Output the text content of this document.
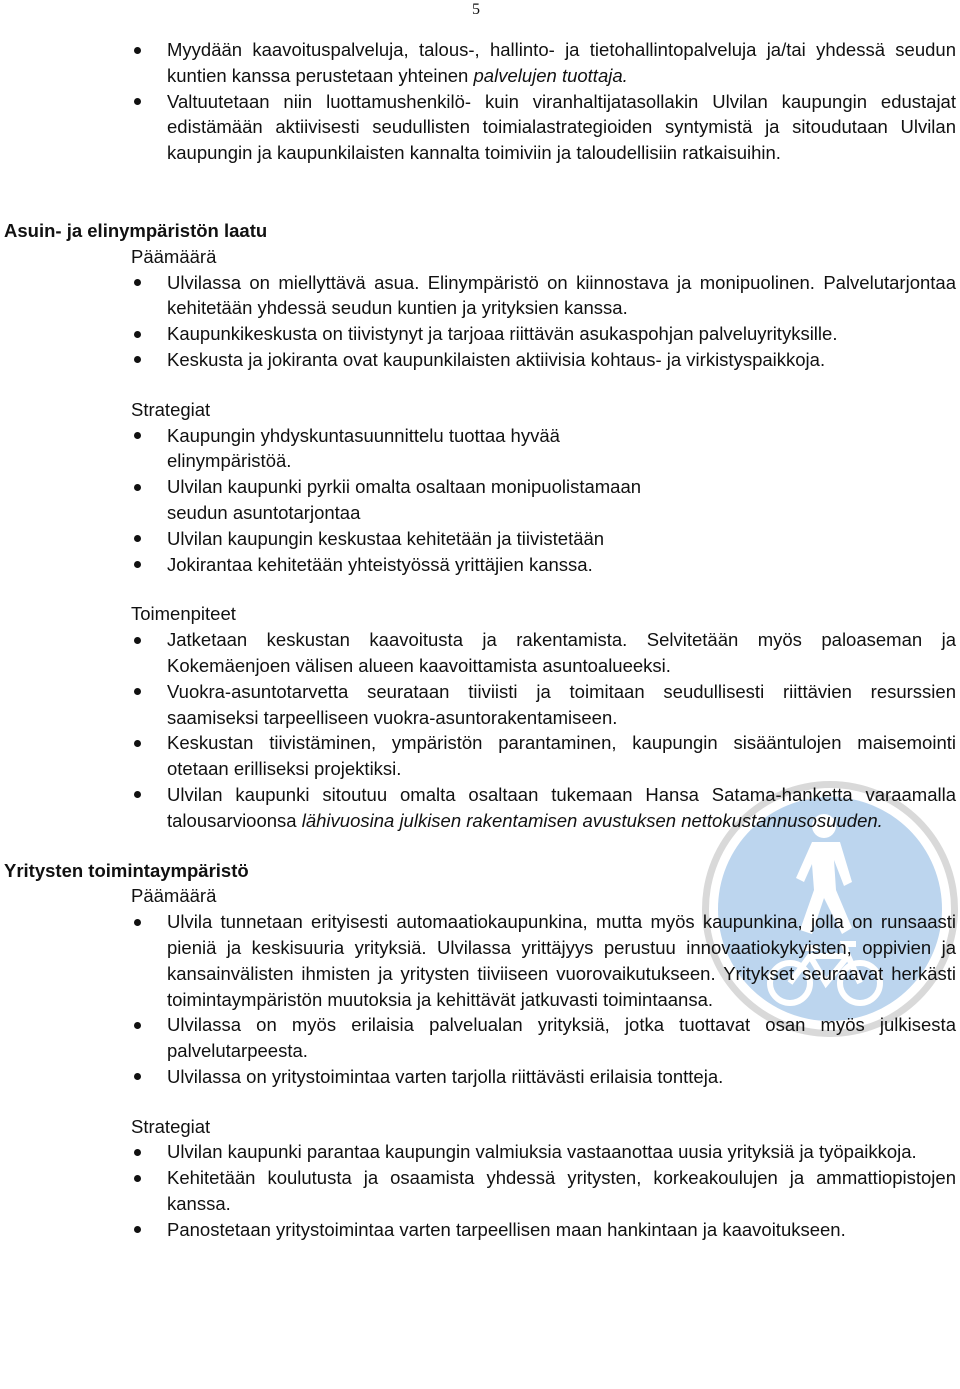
5
Myydään kaavoituspalveluja, talous-, hallinto- ja tietohallintopalveluja ja/tai yhdessä seudun kuntien kanssa perustetaan yhteinen palvelujen tuottaja.
Valtuutetaan niin luottamushenkilö- kuin viranhaltijatasollakin Ulvilan kaupungin edustajat edistämään aktiivisesti seudullisten toimialastrategioiden syntymistä ja sitoudutaan Ulvilan kaupungin ja kaupunkilaisten kannalta toimiviin ja taloudellisiin ratkaisuihin.
Asuin- ja elinympäristön laatu
Päämäärä
Ulvilassa on miellyttävä asua. Elinympäristö on kiinnostava ja monipuolinen. Palvelutarjontaa kehitetään yhdessä seudun kuntien ja yrityksien kanssa.
Kaupunkikeskusta on tiivistynyt ja tarjoaa riittävän asukaspohjan palveluyrityksille.
Keskusta ja jokiranta ovat kaupunkilaisten aktiivisia kohtaus- ja virkistyspaikkoja.
Strategiat
Kaupungin yhdyskuntasuunnittelu tuottaa hyvää elinympäristöä.
Ulvilan kaupunki pyrkii omalta osaltaan monipuolistamaan seudun asuntotarjontaa
Ulvilan kaupungin keskustaa kehitetään ja tiivistetään
Jokirantaa kehitetään yhteistyössä yrittäjien kanssa.
Toimenpiteet
Jatketaan keskustan kaavoitusta ja rakentamista. Selvitetään myös paloaseman ja Kokemäenjoen välisen alueen kaavoittamista asuntoalueeksi.
Vuokra-asuntotarvetta seurataan tiiviisti ja toimitaan seudullisesti riittävien resurssien saamiseksi tarpeelliseen vuokra-asuntorakentamiseen.
Keskustan tiivistäminen, ympäristön parantaminen, kaupungin sisääntulojen maisemointi otetaan erilliseksi projektiksi.
Ulvilan kaupunki sitoutuu omalta osaltaan tukemaan Hansa Satama-hanketta varaamalla talousarvioonsa lähivuosina julkisen rakentamisen avustuksen nettokustannusosuuden.
Yritysten toimintaympäristö
Päämäärä
Ulvila tunnetaan erityisesti automaatiokaupunkina, mutta myös kaupunkina, jolla on runsaasti pieniä ja keskisuuria yrityksiä. Ulvilassa yrittäjyys perustuu innovaatiokykyisten, oppivien ja kansainvälisten ihmisten ja yritysten tiiviiseen vuorovaikutukseen. Yritykset seuraavat herkästi toimintaympäristön muutoksia ja kehittävät jatkuvasti toimintaansa.
Ulvilassa on myös erilaisia palvelualan yrityksiä, jotka tuottavat osan myös julkisesta palvelutarpeesta.
Ulvilassa on yritystoimintaa varten tarjolla riittävästi erilaisia tontteja.
Strategiat
Ulvilan kaupunki parantaa kaupungin valmiuksia vastaanottaa uusia yrityksiä ja työpaikkoja.
Kehitetään koulutusta ja osaamista yhdessä yritysten, korkeakoulujen ja ammattiopistojen kanssa.
Panostetaan yritystoimintaa varten tarpeellisen maan hankintaan ja kaavoitukseen.
